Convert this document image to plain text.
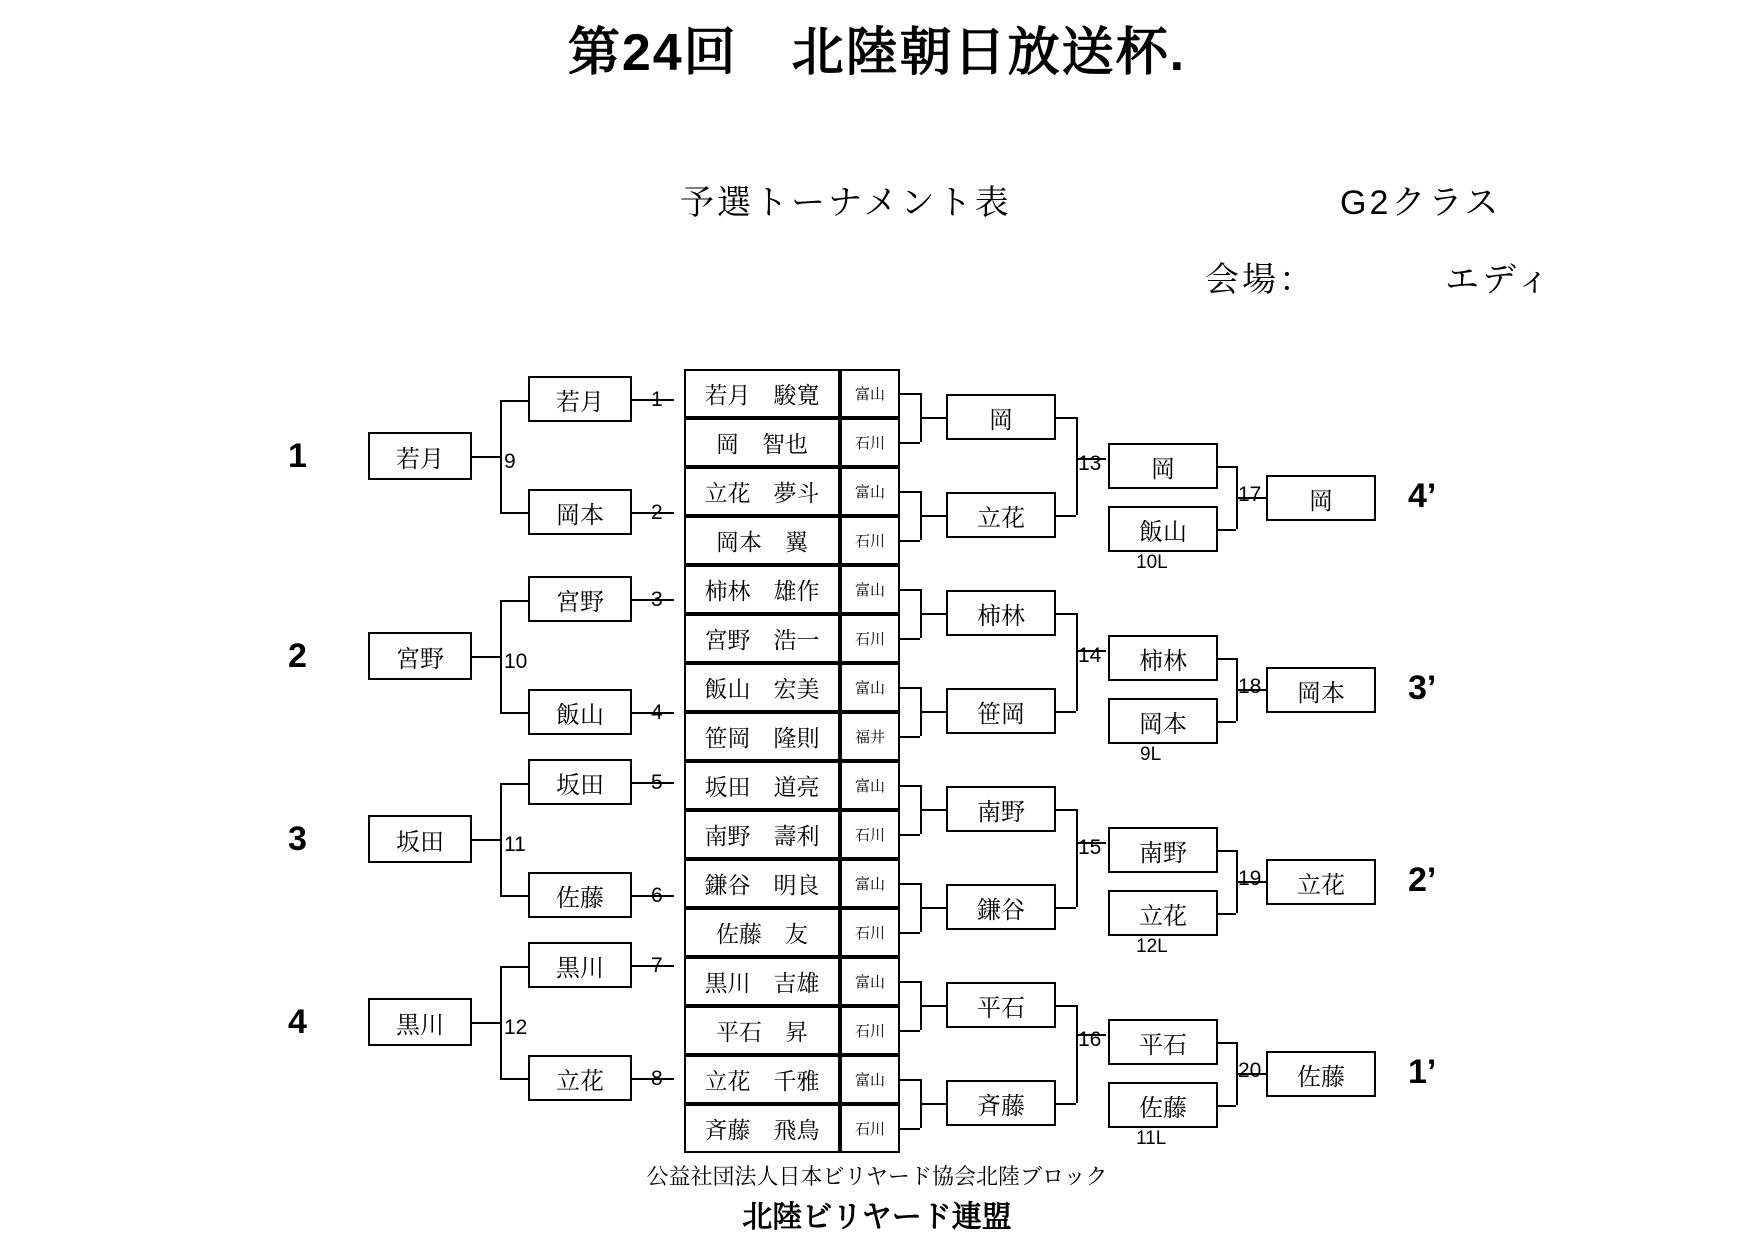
第24回　北陸朝日放送杯.
予選トーナメント表	G2クラス
会場：	エディ
1
2
3
4
若月
宮野
坂田
黒川
9
10
11
12
若月
岡本
宮野
飯山
坂田
佐藤
黒川
立花
1
2
3
4
5
6
7
8
若月　駿寛	富山
岡　智也	石川
立花　夢斗	富山
岡本　翼	石川
柿林　雄作	富山
宮野　浩一	石川
飯山　宏美	富山
笹岡　隆則	福井
坂田　道亮	富山
南野　壽利	石川
鎌谷　明良	富山
佐藤　友	石川
黒川　吉雄	富山
平石　昇	石川
立花　千雅	富山
斉藤　飛鳥	石川
岡
立花
柿林
笹岡
南野
鎌谷
平石
斉藤
13
14
15
16
岡
飯山
10L
柿林
岡本
9L
南野
立花
12L
平石
佐藤
11L
17
18
19
20
岡	4’
岡本	3’
立花	2’
佐藤	1’
公益社団法人日本ビリヤード協会北陸ブロック
北陸ビリヤード連盟
